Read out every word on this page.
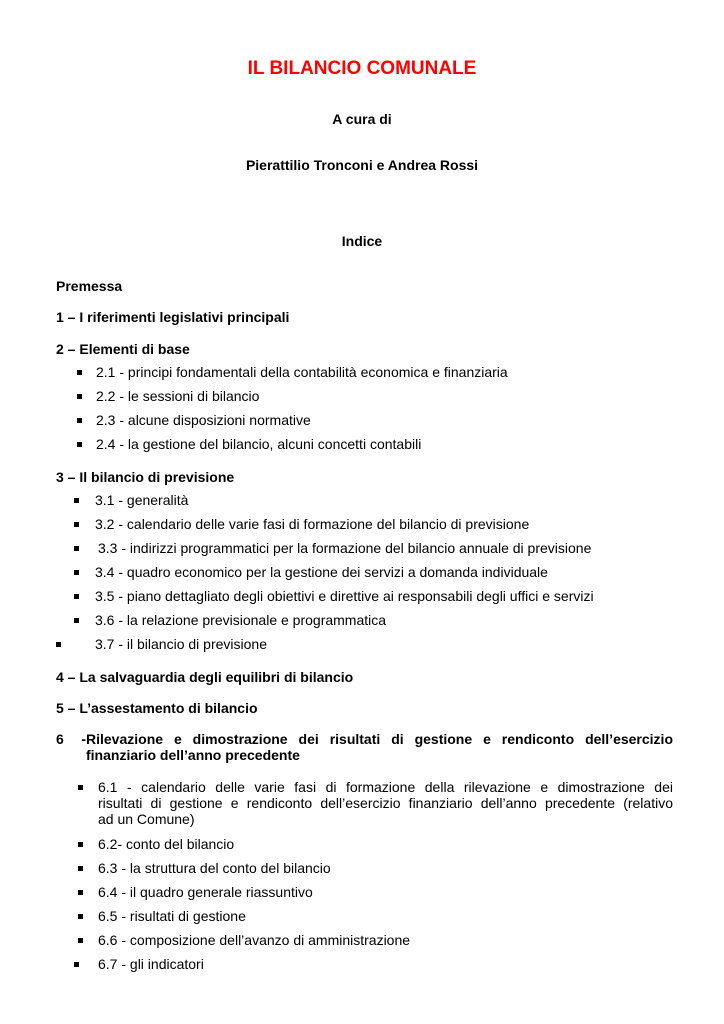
IL BILANCIO COMUNALE

A cura di

Pierattilio Tronconi e Andrea Rossi

Indice

Premessa

1 – I riferimenti legislativi principali

2 – Elementi di base

2.1 - principi fondamentali della contabilità economica e finanziaria

2.2 - le sessioni di bilancio

2.3 - alcune disposizioni normative

2.4 - la gestione del bilancio, alcuni concetti contabili

3 – Il bilancio di previsione

3.1 - generalità

3.2 - calendario delle varie fasi di formazione del bilancio di previsione

3.3 - indirizzi programmatici per la formazione del bilancio annuale di previsione

3.4 - quadro economico per la gestione dei servizi a domanda individuale

3.5 - piano dettagliato degli obiettivi e direttive ai responsabili degli uffici e servizi

3.6 - la relazione previsionale e programmatica

3.7 - il bilancio di previsione

4 – La salvaguardia degli equilibri di bilancio

5 – L’assestamento di bilancio

6 -Rilevazione e dimostrazione dei risultati di gestione e rendiconto dell’esercizio
finanziario dell’anno precedente
6.1 - calendario delle varie fasi di formazione della rilevazione e dimostrazione dei
risultati di gestione e rendiconto dell’esercizio finanziario dell’anno precedente (relativo
ad un Comune)

6.2- conto del bilancio

6.3 - la struttura del conto del bilancio

6.4 - il quadro generale riassuntivo

6.5 - risultati di gestione

6.6 - composizione dell’avanzo di amministrazione

6.7 - gli indicatori
